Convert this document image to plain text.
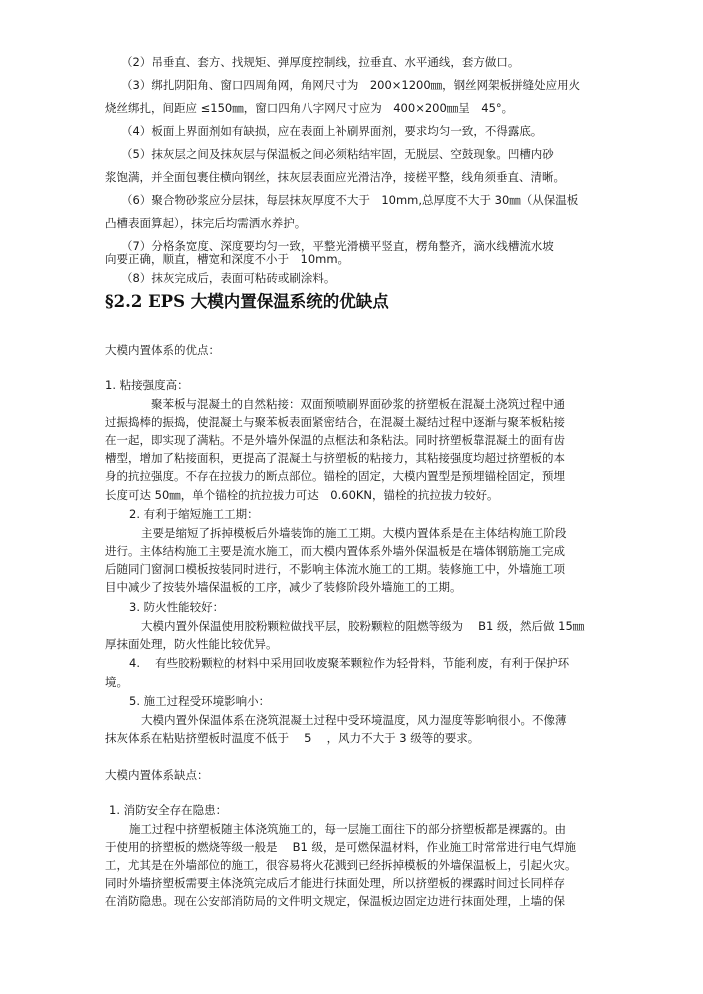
（2）吊垂直、套方、找规矩、弹厚度控制线，拉垂直、水平通线，套方做口。
（3）绑扎阴阳角、窗口四周角网，角网尺寸为　200×1200㎜，钢丝网架板拼缝处应用火
烧丝绑扎，间距应 ≤150㎜，窗口四角八字网尺寸应为　400×200㎜呈　45°。
（4）板面上界面剂如有缺损，应在表面上补刷界面剂，要求均匀一致，不得露底。
（5）抹灰层之间及抹灰层与保温板之间必须粘结牢固，无脱层、空鼓现象。凹槽内砂
浆饱满，并全面包裹住横向钢丝，抹灰层表面应光滑洁净，接槎平整，线角须垂直、清晰。
（6）聚合物砂浆应分层抹，每层抹灰厚度不大于　10mm,总厚度不大于 30㎜（从保温板
凸槽表面算起），抹完后均需洒水养护。
（7）分格条宽度、深度要均匀一致，平整光滑横平竖直，楞角整齐，滴水线槽流水坡
向要正确，顺直，槽宽和深度不小于　10mm。
（8）抹灰完成后，表面可粘砖或刷涂料。
§2.2 EPS 大模内置保温系统的优缺点
大模内置体系的优点：
1. 粘接强度高：
聚苯板与混凝土的自然粘接：双面预喷刷界面砂浆的挤塑板在混凝土浇筑过程中通
过振捣棒的振捣，使混凝土与聚苯板表面紧密结合，在混凝土凝结过程中逐渐与聚苯板粘接
在一起，即实现了满粘。不是外墙外保温的点框法和条粘法。同时挤塑板靠混凝土的面有齿
槽型，增加了粘接面积，更提高了混凝土与挤塑板的粘接力，其粘接强度均超过挤塑板的本
身的抗拉强度。不存在拉拔力的断点部位。锚栓的固定，大模内置型是预埋锚栓固定，预埋
长度可达 50㎜，单个锚栓的抗拉拔力可达　0.60KN，锚栓的抗拉拔力较好。
2. 有利于缩短施工工期：
主要是缩短了拆掉模板后外墙装饰的施工工期。大模内置体系是在主体结构施工阶段
进行。主体结构施工主要是流水施工，而大模内置体系外墙外保温板是在墙体钢筋施工完成
后随同门窗洞口模板按装同时进行，不影响主体流水施工的工期。装修施工中，外墙施工项
目中减少了按装外墙保温板的工序，减少了装修阶段外墙施工的工期。
3. 防火性能较好：
大模内置外保温使用胶粉颗粒做找平层，胶粉颗粒的阻燃等级为　 B1 级，然后做 15㎜
厚抹面处理，防火性能比较优异。
4.　 有些胶粉颗粒的材料中采用回收废聚苯颗粒作为轻骨料，节能利废，有利于保护环
境。
5. 施工过程受环境影响小：
大模内置外保温体系在浇筑混凝土过程中受环境温度，风力湿度等影响很小。不像薄
抹灰体系在粘贴挤塑板时温度不低于　 5　 ，风力不大于 3 级等的要求。
大模内置体系缺点：
1. 消防安全存在隐患：
施工过程中挤塑板随主体浇筑施工的，每一层施工面往下的部分挤塑板都是裸露的。由
于使用的挤塑板的燃烧等级一般是　 B1 级，是可燃保温材料，作业施工时常常进行电气焊施
工，尤其是在外墙部位的施工，很容易将火花溅到已经拆掉模板的外墙保温板上，引起火灾。
同时外墙挤塑板需要主体浇筑完成后才能进行抹面处理，所以挤塑板的裸露时间过长同样存
在消防隐患。现在公安部消防局的文件明文规定，保温板边固定边进行抹面处理，上墙的保
